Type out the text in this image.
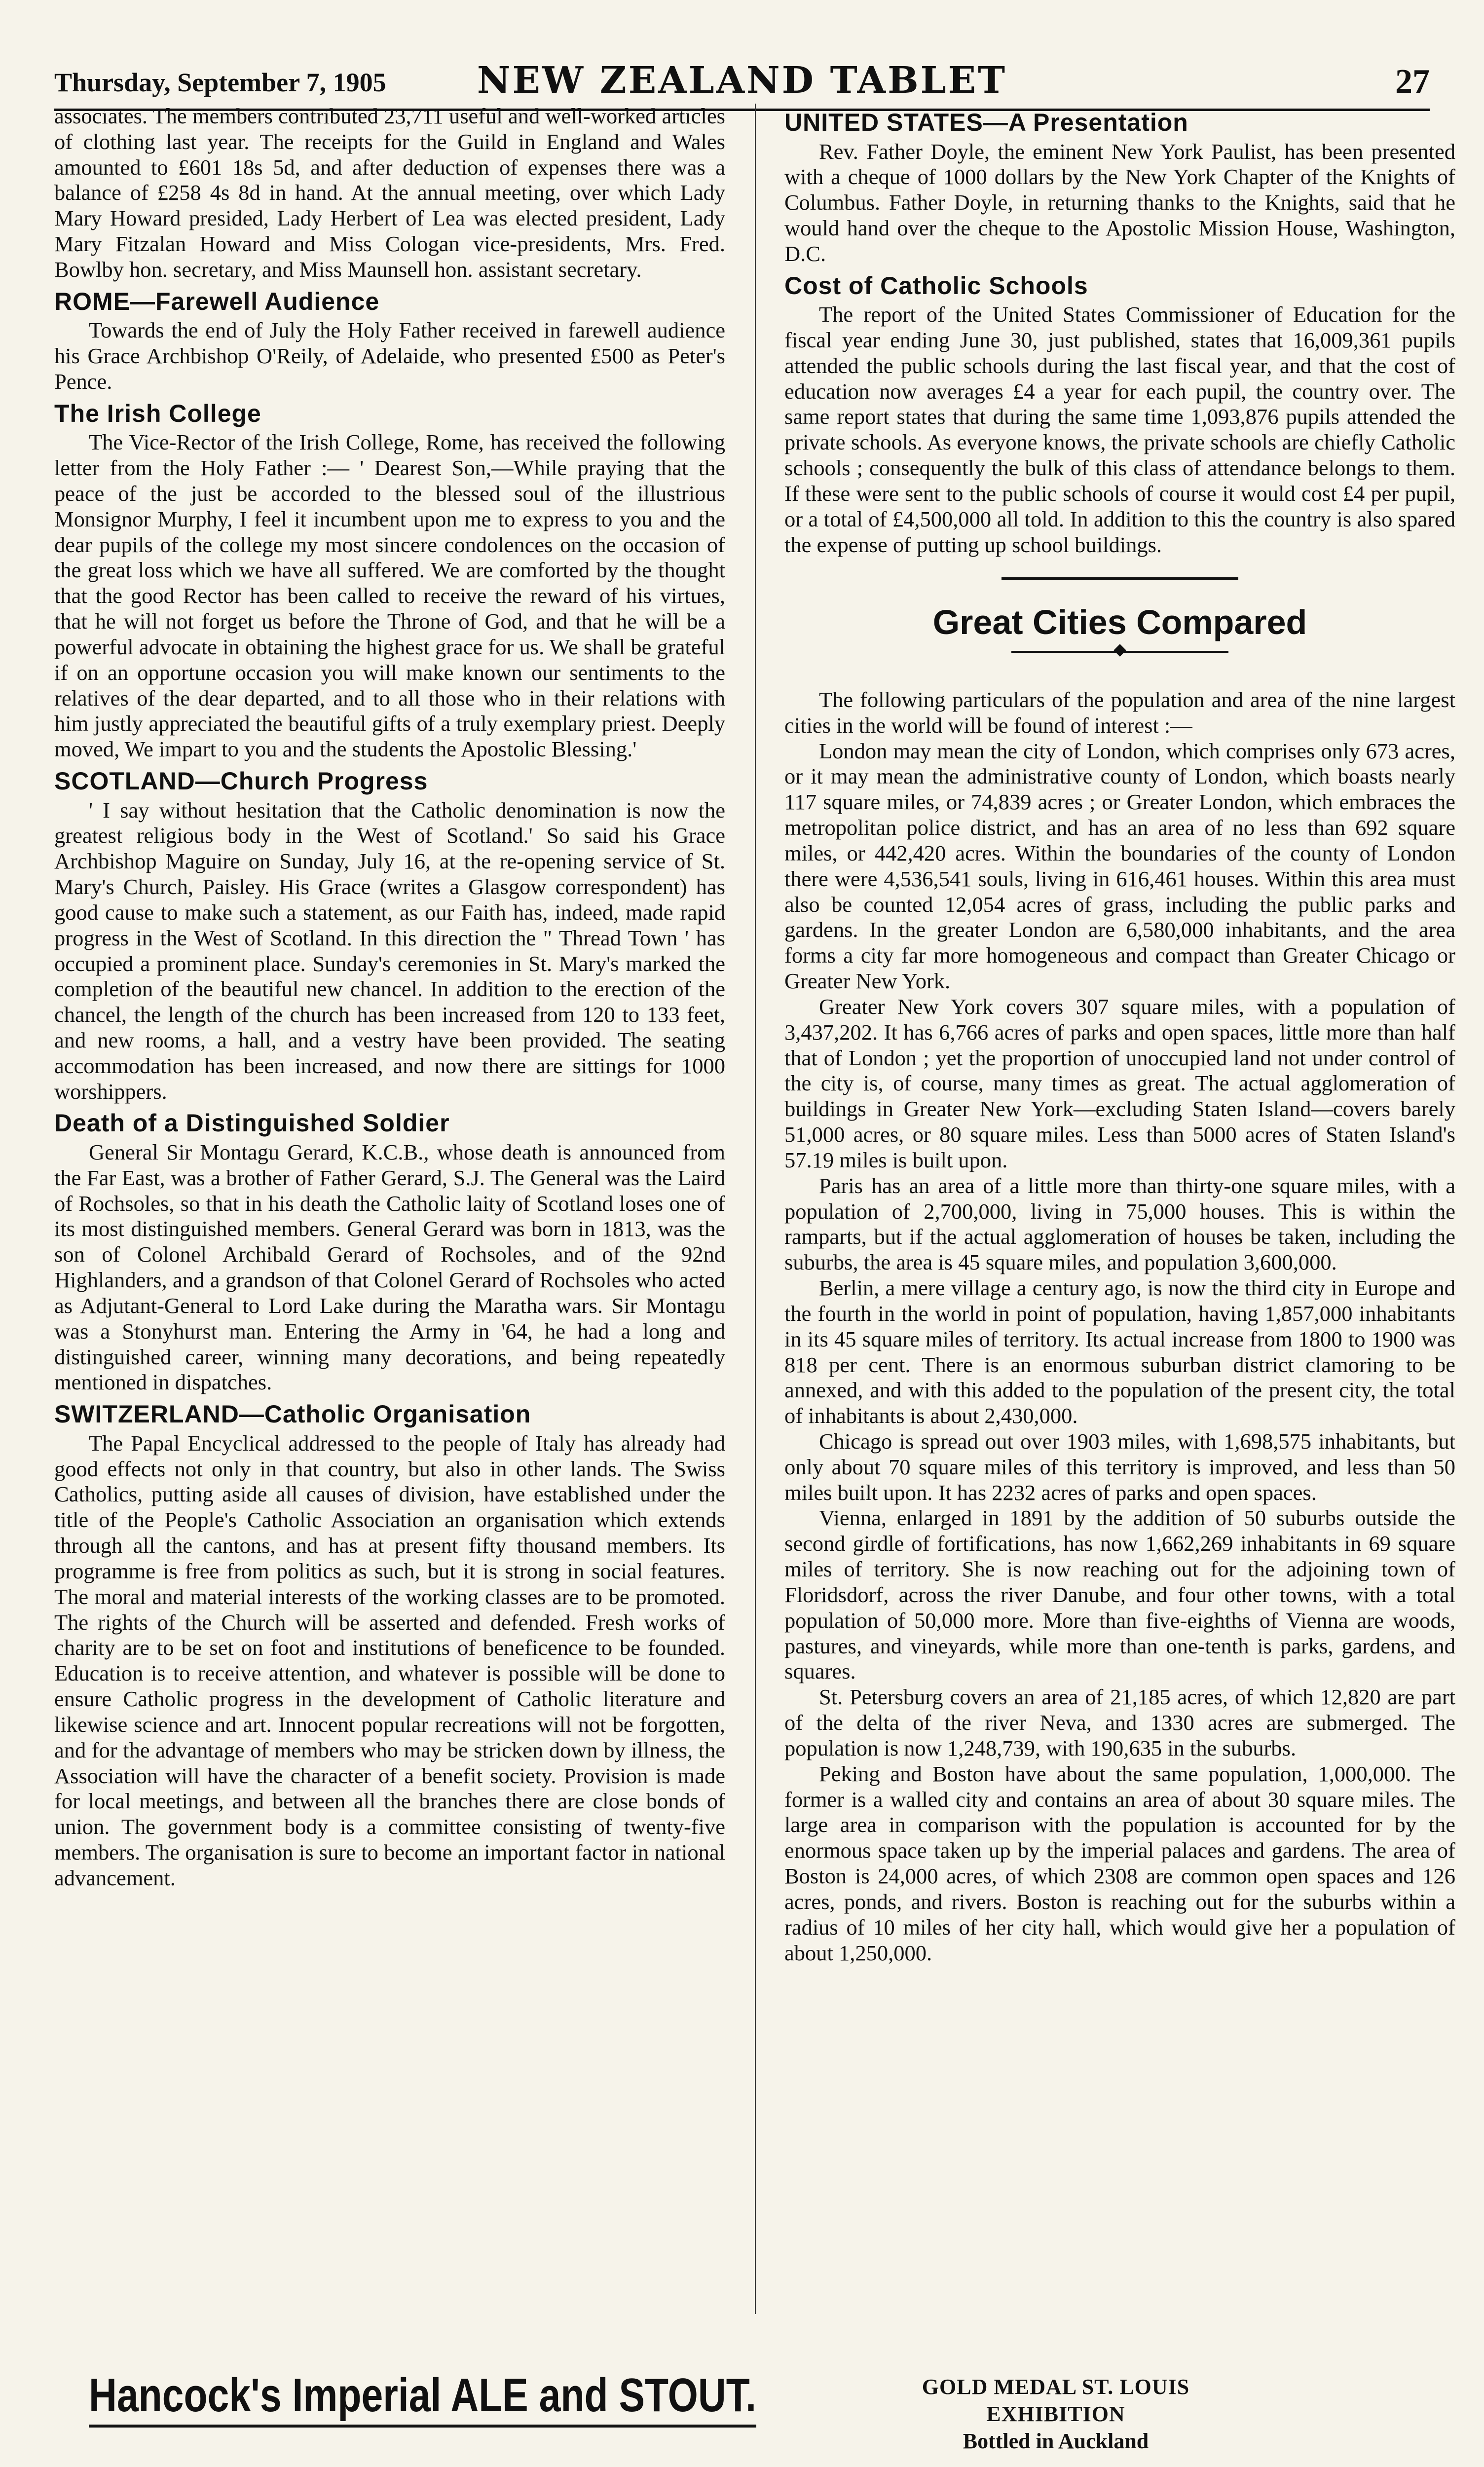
Thursday, September 7, 1905	NEW ZEALAND TABLET	27

associates. The members contributed 23,711 useful and well-worked articles of clothing last year. The receipts for the Guild in England and Wales amounted to £601 18s 5d, and after deduction of expenses there was a balance of £258 4s 8d in hand. At the annual meeting, over which Lady Mary Howard presided, Lady Herbert of Lea was elected president, Lady Mary Fitzalan Howard and Miss Cologan vice-presidents, Mrs. Fred. Bowlby hon. secretary, and Miss Maunsell hon. assistant secretary.

ROME—Farewell Audience

Towards the end of July the Holy Father received in farewell audience his Grace Archbishop O'Reily, of Adelaide, who presented £500 as Peter's Pence.

The Irish College

The Vice-Rector of the Irish College, Rome, has received the following letter from the Holy Father :— ' Dearest Son,—While praying that the peace of the just be accorded to the blessed soul of the illustrious Monsignor Murphy, I feel it incumbent upon me to express to you and the dear pupils of the college my most sincere condolences on the occasion of the great loss which we have all suffered. We are comforted by the thought that the good Rector has been called to receive the reward of his virtues, that he will not forget us before the Throne of God, and that he will be a powerful advocate in obtaining the highest grace for us. We shall be grateful if on an opportune occasion you will make known our sentiments to the relatives of the dear departed, and to all those who in their relations with him justly appreciated the beautiful gifts of a truly exemplary priest. Deeply moved, We impart to you and the students the Apostolic Blessing.'

SCOTLAND—Church Progress

' I say without hesitation that the Catholic denomination is now the greatest religious body in the West of Scotland.' So said his Grace Archbishop Maguire on Sunday, July 16, at the re-opening service of St. Mary's Church, Paisley. His Grace (writes a Glasgow correspondent) has good cause to make such a statement, as our Faith has, indeed, made rapid progress in the West of Scotland. In this direction the " Thread Town ' has occupied a prominent place. Sunday's ceremonies in St. Mary's marked the completion of the beautiful new chancel. In addition to the erection of the chancel, the length of the church has been increased from 120 to 133 feet, and new rooms, a hall, and a vestry have been provided. The seating accommodation has been increased, and now there are sittings for 1000 worshippers.

Death of a Distinguished Soldier

General Sir Montagu Gerard, K.C.B., whose death is announced from the Far East, was a brother of Father Gerard, S.J. The General was the Laird of Rochsoles, so that in his death the Catholic laity of Scotland loses one of its most distinguished members. General Gerard was born in 1813, was the son of Colonel Archibald Gerard of Rochsoles, and of the 92nd Highlanders, and a grandson of that Colonel Gerard of Rochsoles who acted as Adjutant-General to Lord Lake during the Maratha wars. Sir Montagu was a Stonyhurst man. Entering the Army in '64, he had a long and distinguished career, winning many decorations, and being repeatedly mentioned in dispatches.

SWITZERLAND—Catholic Organisation

The Papal Encyclical addressed to the people of Italy has already had good effects not only in that country, but also in other lands. The Swiss Catholics, putting aside all causes of division, have established under the title of the People's Catholic Association an organisation which extends through all the cantons, and has at present fifty thousand members. Its programme is free from politics as such, but it is strong in social features. The moral and material interests of the working classes are to be promoted. The rights of the Church will be asserted and defended. Fresh works of charity are to be set on foot and institutions of beneficence to be founded. Education is to receive attention, and whatever is possible will be done to ensure Catholic progress in the development of Catholic literature and likewise science and art. Innocent popular recreations will not be forgotten, and for the advantage of members who may be stricken down by illness, the Association will have the character of a benefit society. Provision is made for local meetings, and between all the branches there are close bonds of union. The government body is a committee consisting of twenty-five members. The organisation is sure to become an important factor in national advancement.

UNITED STATES—A Presentation

Rev. Father Doyle, the eminent New York Paulist, has been presented with a cheque of 1000 dollars by the New York Chapter of the Knights of Columbus. Father Doyle, in returning thanks to the Knights, said that he would hand over the cheque to the Apostolic Mission House, Washington, D.C.

Cost of Catholic Schools

The report of the United States Commissioner of Education for the fiscal year ending June 30, just published, states that 16,009,361 pupils attended the public schools during the last fiscal year, and that the cost of education now averages £4 a year for each pupil, the country over. The same report states that during the same time 1,093,876 pupils attended the private schools. As everyone knows, the private schools are chiefly Catholic schools ; consequently the bulk of this class of attendance belongs to them. If these were sent to the public schools of course it would cost £4 per pupil, or a total of £4,500,000 all told. In addition to this the country is also spared the expense of putting up school buildings.

Great Cities Compared

The following particulars of the population and area of the nine largest cities in the world will be found of interest :—

London may mean the city of London, which comprises only 673 acres, or it may mean the administrative county of London, which boasts nearly 117 square miles, or 74,839 acres ; or Greater London, which embraces the metropolitan police district, and has an area of no less than 692 square miles, or 442,420 acres. Within the boundaries of the county of London there were 4,536,541 souls, living in 616,461 houses. Within this area must also be counted 12,054 acres of grass, including the public parks and gardens. In the greater London are 6,580,000 inhabitants, and the area forms a city far more homogeneous and compact than Greater Chicago or Greater New York.

Greater New York covers 307 square miles, with a population of 3,437,202. It has 6,766 acres of parks and open spaces, little more than half that of London ; yet the proportion of unoccupied land not under control of the city is, of course, many times as great. The actual agglomeration of buildings in Greater New York—excluding Staten Island—covers barely 51,000 acres, or 80 square miles. Less than 5000 acres of Staten Island's 57.19 miles is built upon.

Paris has an area of a little more than thirty-one square miles, with a population of 2,700,000, living in 75,000 houses. This is within the ramparts, but if the actual agglomeration of houses be taken, including the suburbs, the area is 45 square miles, and population 3,600,000.

Berlin, a mere village a century ago, is now the third city in Europe and the fourth in the world in point of population, having 1,857,000 inhabitants in its 45 square miles of territory. Its actual increase from 1800 to 1900 was 818 per cent. There is an enormous suburban district clamoring to be annexed, and with this added to the population of the present city, the total of inhabitants is about 2,430,000.

Chicago is spread out over 1903 miles, with 1,698,575 inhabitants, but only about 70 square miles of this territory is improved, and less than 50 miles built upon. It has 2232 acres of parks and open spaces.

Vienna, enlarged in 1891 by the addition of 50 suburbs outside the second girdle of fortifications, has now 1,662,269 inhabitants in 69 square miles of territory. She is now reaching out for the adjoining town of Floridsdorf, across the river Danube, and four other towns, with a total population of 50,000 more. More than five-eighths of Vienna are woods, pastures, and vineyards, while more than one-tenth is parks, gardens, and squares.

St. Petersburg covers an area of 21,185 acres, of which 12,820 are part of the delta of the river Neva, and 1330 acres are submerged. The population is now 1,248,739, with 190,635 in the suburbs.

Peking and Boston have about the same population, 1,000,000. The former is a walled city and contains an area of about 30 square miles. The large area in comparison with the population is accounted for by the enormous space taken up by the imperial palaces and gardens. The area of Boston is 24,000 acres, of which 2308 are common open spaces and 126 acres, ponds, and rivers. Boston is reaching out for the suburbs within a radius of 10 miles of her city hall, which would give her a population of about 1,250,000.

Hancock's Imperial ALE and STOUT.	GOLD MEDAL ST. LOUIS EXHIBITION
Bottled in Auckland
